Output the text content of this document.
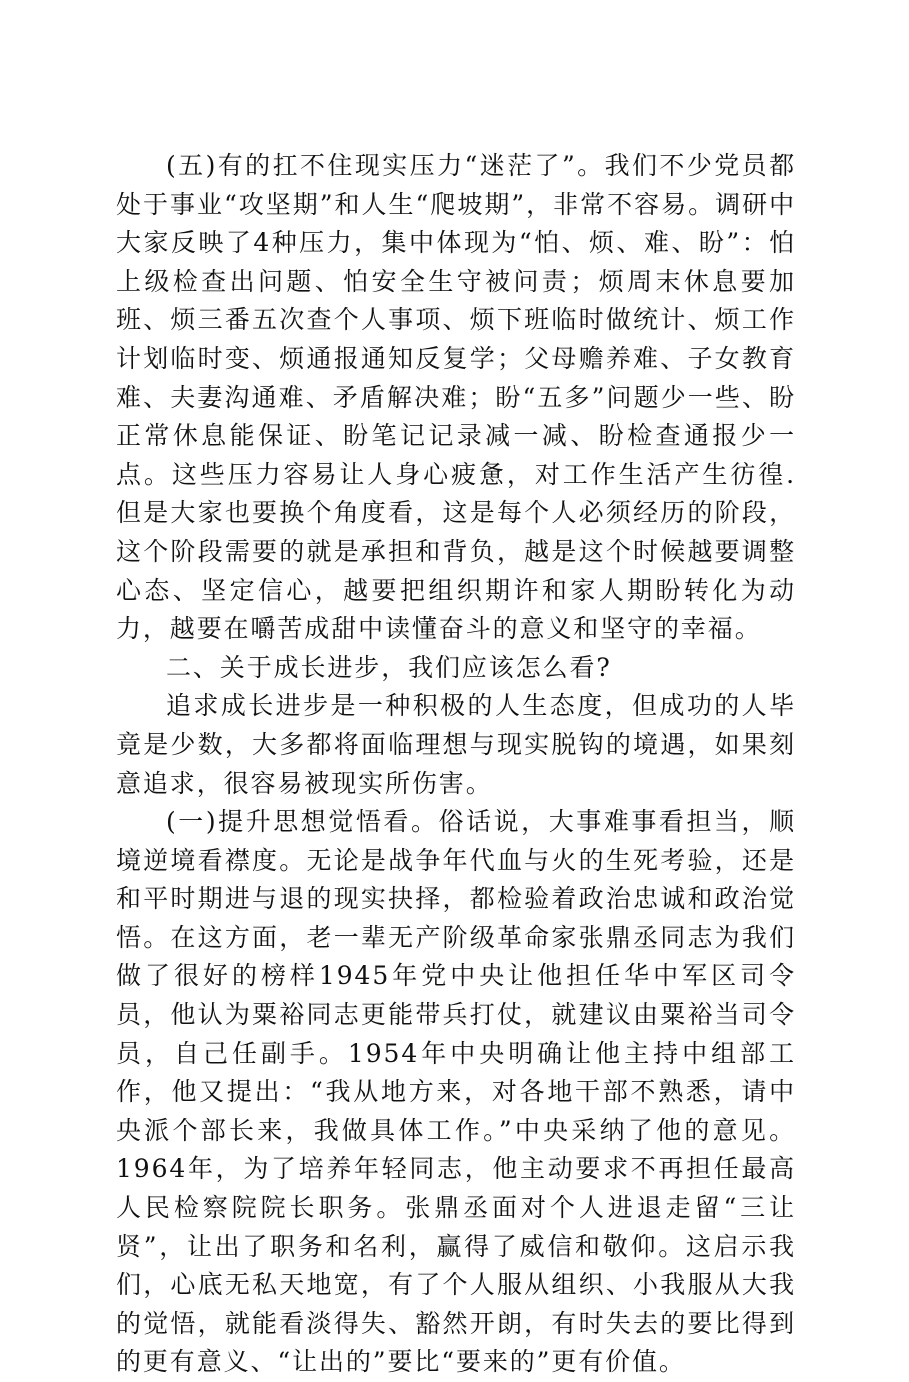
(五)有的扛不住现实压力“迷茫了”。我们不少党员都处于事业“攻坚期”和人生“爬坡期”，非常不容易。调研中大家反映了4种压力，集中体现为“怕、烦、难、盼”：怕上级检查出问题、怕安全生守被问责；烦周末休息要加班、烦三番五次查个人事项、烦下班临时做统计、烦工作计划临时变、烦通报通知反复学；父母赡养难、子女教育难、夫妻沟通难、矛盾解决难；盼“五多”问题少一些、盼正常休息能保证、盼笔记记录减一减、盼检查通报少一点。这些压力容易让人身心疲惫，对工作生活产生彷徨.但是大家也要换个角度看，这是每个人必须经历的阶段，这个阶段需要的就是承担和背负，越是这个时候越要调整心态、坚定信心，越要把组织期许和家人期盼转化为动力，越要在嚼苦成甜中读懂奋斗的意义和坚守的幸福。

二、关于成长进步，我们应该怎么看?

追求成长进步是一种积极的人生态度，但成功的人毕竟是少数，大多都将面临理想与现实脱钩的境遇，如果刻意追求，很容易被现实所伤害。

(一)提升思想觉悟看。俗话说，大事难事看担当，顺境逆境看襟度。无论是战争年代血与火的生死考验，还是和平时期进与退的现实抉择，都检验着政治忠诚和政治觉悟。在这方面，老一辈无产阶级革命家张鼎丞同志为我们做了很好的榜样1945年党中央让他担任华中军区司令员，他认为粟裕同志更能带兵打仗，就建议由粟裕当司令员，自己任副手。1954年中央明确让他主持中组部工作，他又提出：“我从地方来，对各地干部不熟悉，请中央派个部长来，我做具体工作。”中央采纳了他的意见。1964年，为了培养年轻同志，他主动要求不再担任最高人民检察院院长职务。张鼎丞面对个人进退走留“三让贤”，让出了职务和名利，赢得了威信和敬仰。这启示我们，心底无私天地宽，有了个人服从组织、小我服从大我的觉悟，就能看淡得失、豁然开朗，有时失去的要比得到的更有意义、“让出的”要比“要来的”更有价值。
